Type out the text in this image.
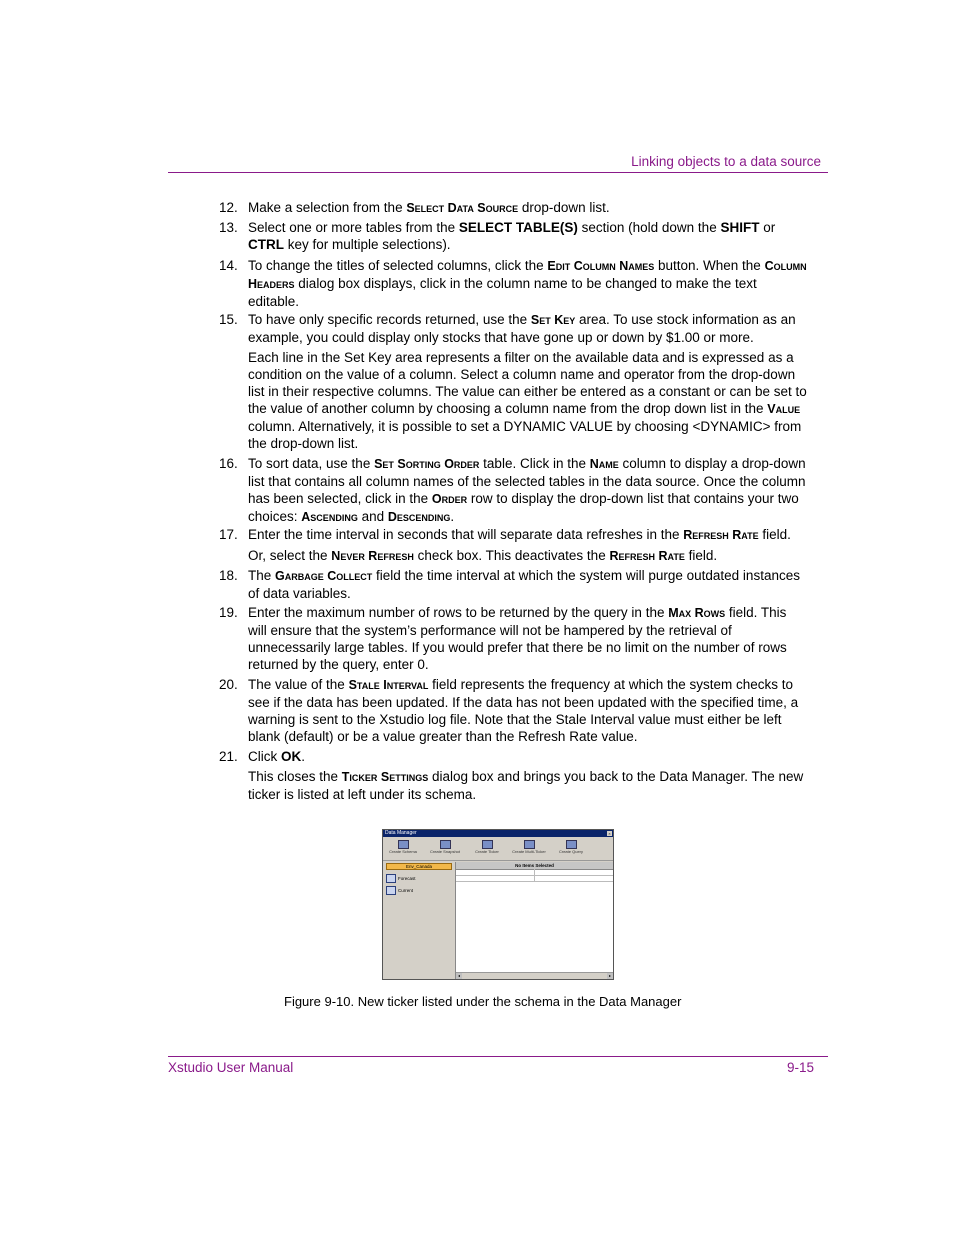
Linking objects to a data source
12. Make a selection from the Select Data Source drop-down list.
13. Select one or more tables from the SELECT TABLE(S) section (hold down the SHIFT or CTRL key for multiple selections).
14. To change the titles of selected columns, click the Edit Column Names button. When the Column Headers dialog box displays, click in the column name to be changed to make the text editable.
15. To have only specific records returned, use the Set Key area. To use stock information as an example, you could display only stocks that have gone up or down by $1.00 or more.
Each line in the Set Key area represents a filter on the available data and is expressed as a condition on the value of a column. Select a column name and operator from the drop-down list in their respective columns. The value can either be entered as a constant or can be set to the value of another column by choosing a column name from the drop down list in the Value column. Alternatively, it is possible to set a DYNAMIC VALUE by choosing <DYNAMIC> from the drop-down list.
16. To sort data, use the Set Sorting Order table. Click in the Name column to display a drop-down list that contains all column names of the selected tables in the data source. Once the column has been selected, click in the Order row to display the drop-down list that contains your two choices: Ascending and Descending.
17. Enter the time interval in seconds that will separate data refreshes in the Refresh Rate field.
Or, select the Never Refresh check box. This deactivates the Refresh Rate field.
18. The Garbage Collect field the time interval at which the system will purge outdated instances of data variables.
19. Enter the maximum number of rows to be returned by the query in the Max Rows field. This will ensure that the system’s performance will not be hampered by the retrieval of unnecessarily large tables. If you would prefer that there be no limit on the number of rows returned by the query, enter 0.
20. The value of the Stale Interval field represents the frequency at which the system checks to see if the data has been updated. If the data has not been updated with the specified time, a warning is sent to the Xstudio log file. Note that the Stale Interval value must either be left blank (default) or be a value greater than the Refresh Rate value.
21. Click OK.
This closes the Ticker Settings dialog box and brings you back to the Data Manager. The new ticker is listed at left under its schema.
Data Manager	×
Create Schema	Create Snapshot	Create Ticker	Create Multi-Ticker	Create Query
Env_Canada
Forecast
Current
No Items Selected
◂	▸
Figure 9-10. New ticker listed under the schema in the Data Manager
Xstudio User Manual	9-15
